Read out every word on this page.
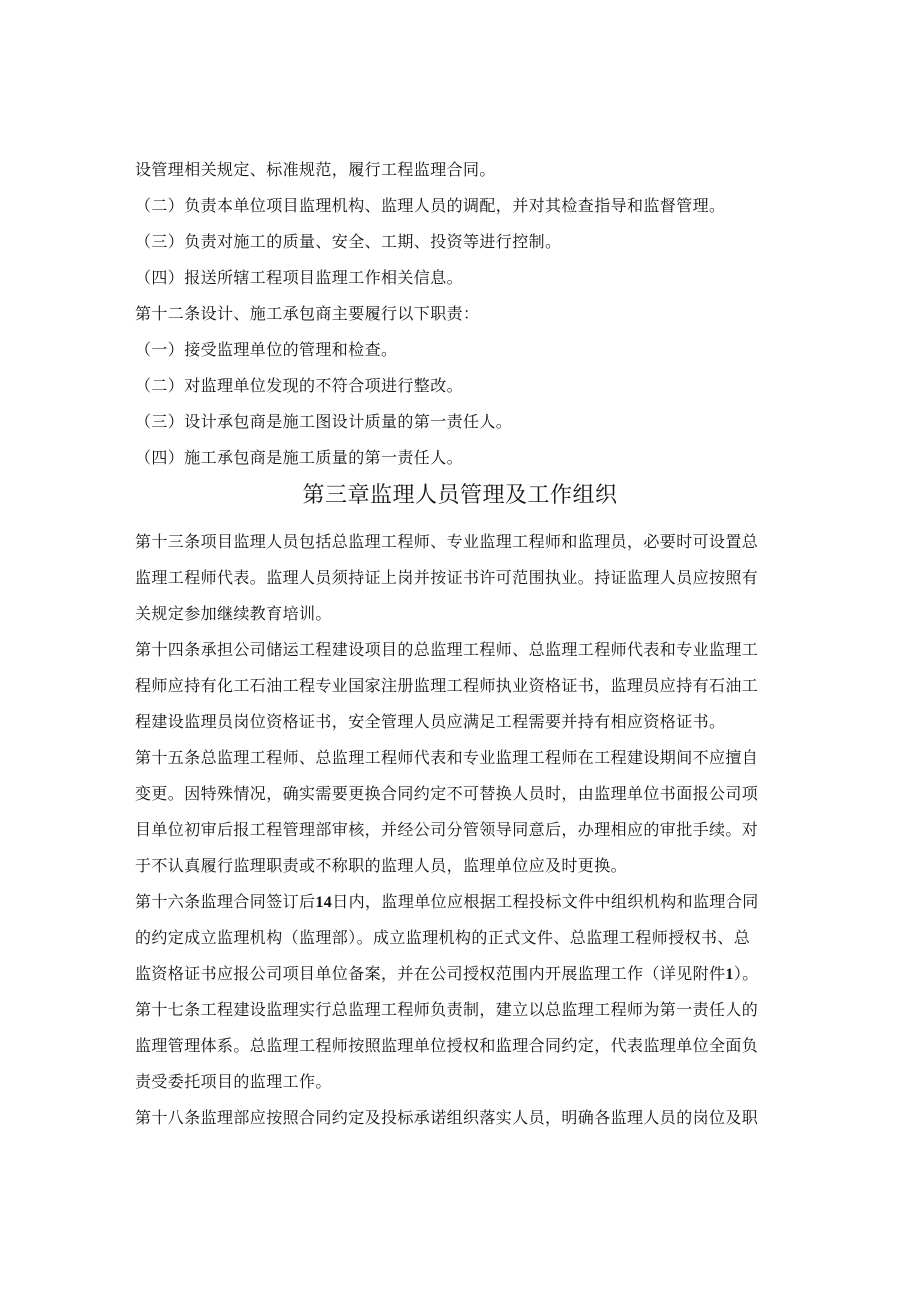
设管理相关规定、标准规范，履行工程监理合同。
（二）负责本单位项目监理机构、监理人员的调配，并对其检查指导和监督管理。
（三）负责对施工的质量、安全、工期、投资等进行控制。
（四）报送所辖工程项目监理工作相关信息。
第十二条设计、施工承包商主要履行以下职责：
（一）接受监理单位的管理和检查。
（二）对监理单位发现的不符合项进行整改。
（三）设计承包商是施工图设计质量的第一责任人。
（四）施工承包商是施工质量的第一责任人。
第三章监理人员管理及工作组织
第十三条项目监理人员包括总监理工程师、专业监理工程师和监理员，必要时可设置总
监理工程师代表。监理人员须持证上岗并按证书许可范围执业。持证监理人员应按照有
关规定参加继续教育培训。
第十四条承担公司储运工程建设项目的总监理工程师、总监理工程师代表和专业监理工
程师应持有化工石油工程专业国家注册监理工程师执业资格证书，监理员应持有石油工
程建设监理员岗位资格证书，安全管理人员应满足工程需要并持有相应资格证书。
第十五条总监理工程师、总监理工程师代表和专业监理工程师在工程建设期间不应擅自
变更。因特殊情况，确实需要更换合同约定不可替换人员时，由监理单位书面报公司项
目单位初审后报工程管理部审核，并经公司分管领导同意后，办理相应的审批手续。对
于不认真履行监理职责或不称职的监理人员，监理单位应及时更换。
第十六条监理合同签订后14日内，监理单位应根据工程投标文件中组织机构和监理合同
的约定成立监理机构（监理部）。成立监理机构的正式文件、总监理工程师授权书、总
监资格证书应报公司项目单位备案，并在公司授权范围内开展监理工作（详见附件1）。
第十七条工程建设监理实行总监理工程师负责制，建立以总监理工程师为第一责任人的
监理管理体系。总监理工程师按照监理单位授权和监理合同约定，代表监理单位全面负
责受委托项目的监理工作。
第十八条监理部应按照合同约定及投标承诺组织落实人员，明确各监理人员的岗位及职
